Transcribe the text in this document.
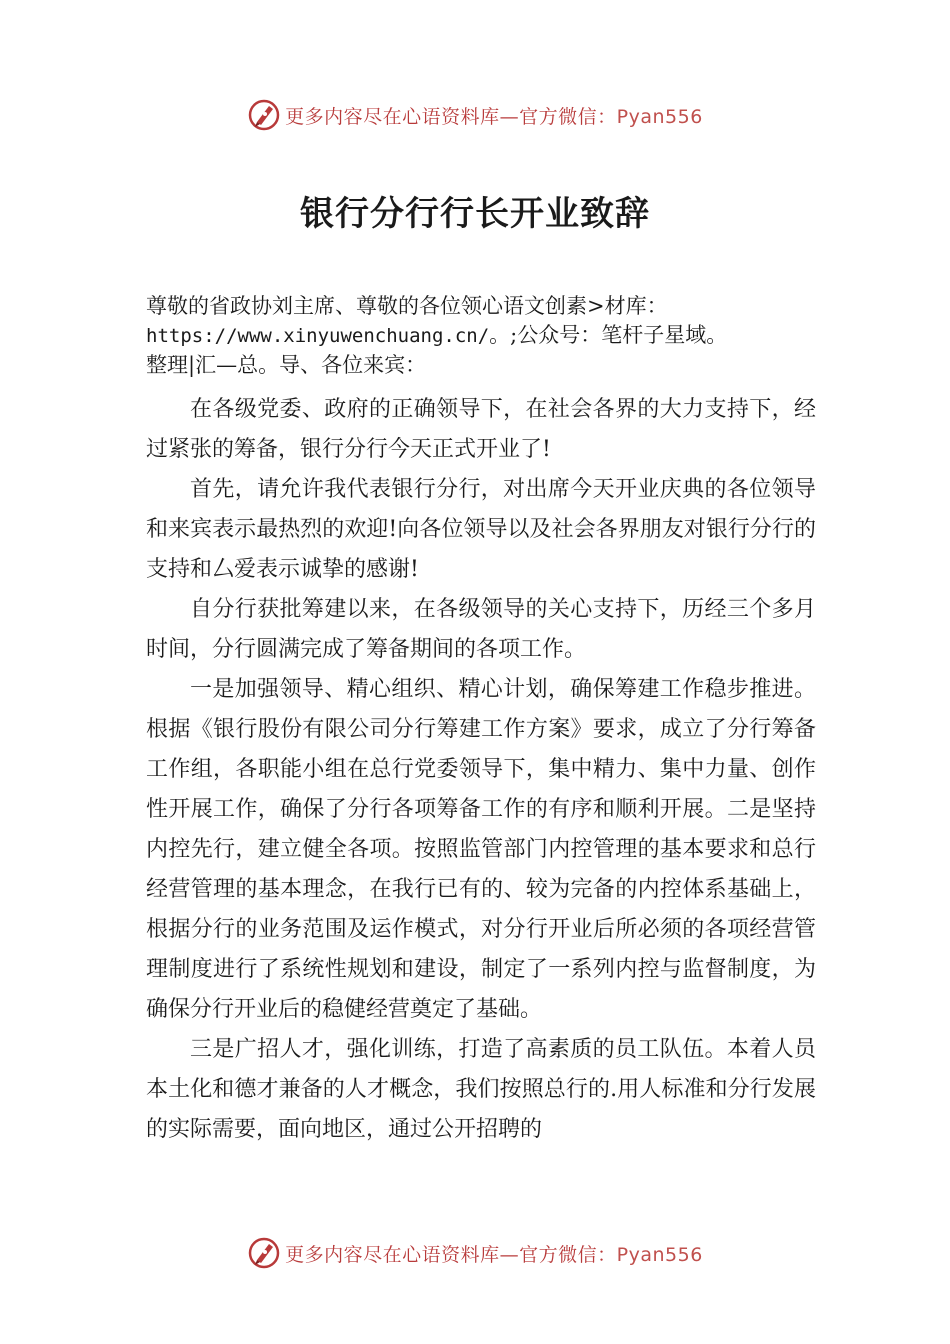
更多内容尽在心语资料库—官方微信：Pyan556
银行分行行长开业致辞
尊敬的省政协刘主席、尊敬的各位领心语文创素>材库：
https://www.xinyuwenchuang.cn/。;公众号：笔杆子星域。
整理|汇—总。导、各位来宾：

在各级党委、政府的正确领导下，在社会各界的大力支持下，经过紧张的筹备，银行分行今天正式开业了!

首先，请允许我代表银行分行，对出席今天开业庆典的各位领导和来宾表示最热烈的欢迎!向各位领导以及社会各界朋友对银行分行的支持和厶爱表示诚挚的感谢!

自分行获批筹建以来，在各级领导的关心支持下，历经三个多月时间，分行圆满完成了筹备期间的各项工作。

一是加强领导、精心组织、精心计划，确保筹建工作稳步推进。根据《银行股份有限公司分行筹建工作方案》要求，成立了分行筹备工作组，各职能小组在总行党委领导下，集中精力、集中力量、创作性开展工作，确保了分行各项筹备工作的有序和顺利开展。二是坚持内控先行，建立健全各项。按照监管部门内控管理的基本要求和总行经营管理的基本理念，在我行已有的、较为完备的内控体系基础上，根据分行的业务范围及运作模式，对分行开业后所必须的各项经营管理制度进行了系统性规划和建设，制定了一系列内控与监督制度，为确保分行开业后的稳健经营奠定了基础。

三是广招人才，强化训练，打造了高素质的员工队伍。本着人员本土化和德才兼备的人才概念，我们按照总行的.用人标准和分行发展的实际需要，面向地区，通过公开招聘的

更多内容尽在心语资料库—官方微信：Pyan556
